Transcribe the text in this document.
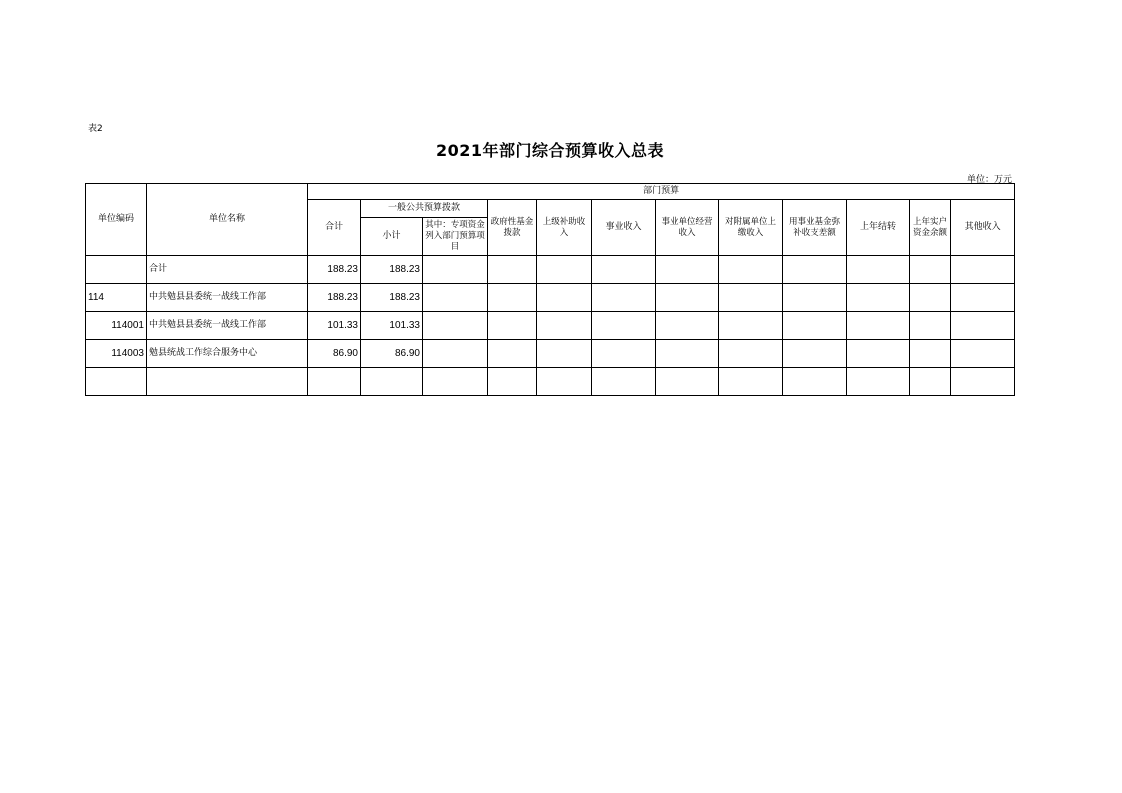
表2
2021年部门综合预算收入总表
单位：万元
单位编码	单位名称	部门预算											
		合计	一般公共预算拨款		政府性基金拨款	上级补助收入	事业收入	事业单位经营收入	对附属单位上缴收入	用事业基金弥补收支差额	上年结转	上年实户资金余额	其他收入
			小计	其中：专项资金列入部门预算项目									
	合计	188.23	188.23										
114	中共勉县县委统一战线工作部	188.23	188.23										
114001	中共勉县县委统一战线工作部	101.33	101.33										
114003	勉县统战工作综合服务中心	86.90	86.90										
